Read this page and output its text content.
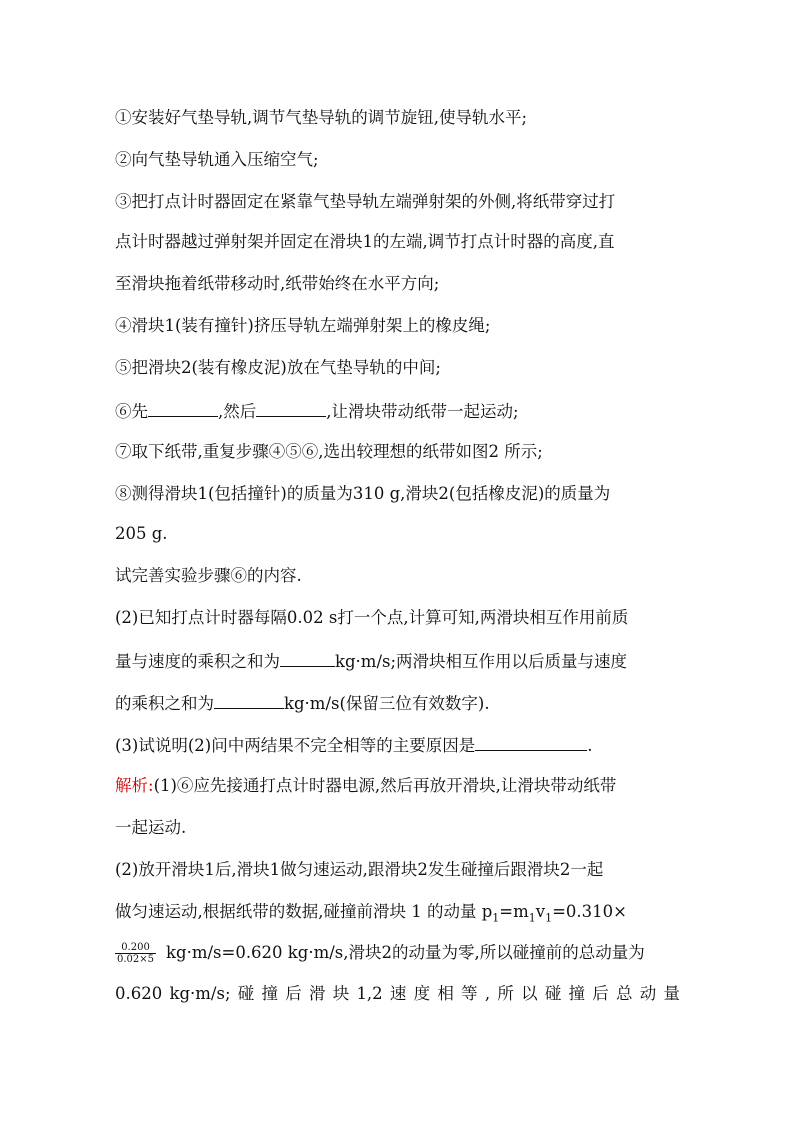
①安装好气垫导轨,调节气垫导轨的调节旋钮,使导轨水平;
②向气垫导轨通入压缩空气;
③把打点计时器固定在紧靠气垫导轨左端弹射架的外侧,将纸带穿过打
点计时器越过弹射架并固定在滑块1的左端,调节打点计时器的高度,直
至滑块拖着纸带移动时,纸带始终在水平方向;
④滑块1(装有撞针)挤压导轨左端弹射架上的橡皮绳;
⑤把滑块2(装有橡皮泥)放在气垫导轨的中间;
⑥先	,然后	,让滑块带动纸带一起运动;
⑦取下纸带,重复步骤④⑤⑥,选出较理想的纸带如图2 所示;
⑧测得滑块1(包括撞针)的质量为310 g,滑块2(包括橡皮泥)的质量为
205 g.
试完善实验步骤⑥的内容.
(2)已知打点计时器每隔0.02 s打一个点,计算可知,两滑块相互作用前质
量与速度的乘积之和为	kg·m/s;两滑块相互作用以后质量与速度
的乘积之和为	kg·m/s(保留三位有效数字).
(3)试说明(2)问中两结果不完全相等的主要原因是	.
解析:(1)⑥应先接通打点计时器电源,然后再放开滑块,让滑块带动纸带
一起运动.
(2)放开滑块1后,滑块1做匀速运动,跟滑块2发生碰撞后跟滑块2一起
做匀速运动,根据纸带的数据,碰撞前滑块 1 的动量 $p_1=m_1v_1=0.310\times$
$\frac{0.200}{0.02\times 5} kg\cdot m/s=0.620$ kg·m/s,滑块2的动量为零,所以碰撞前的总动量为
0.620 kg·m/s; 碰 撞 后 滑 块 1,2 速 度 相 等 , 所 以 碰 撞 后 总 动 量
